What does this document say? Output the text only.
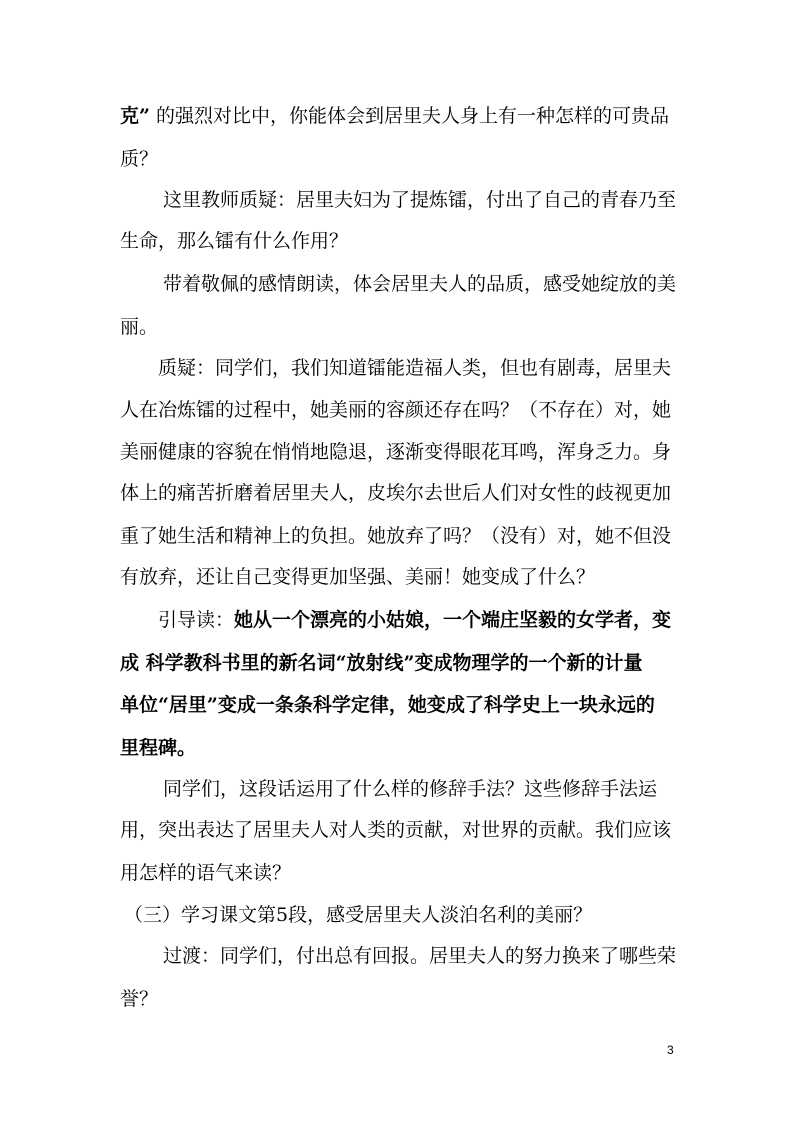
克” 的强烈对比中，你能体会到居里夫人身上有一种怎样的可贵品
质？
这里教师质疑：居里夫妇为了提炼镭，付出了自己的青春乃至
生命，那么镭有什么作用？
带着敬佩的感情朗读，体会居里夫人的品质，感受她绽放的美
丽。
质疑：同学们，我们知道镭能造福人类，但也有剧毒，居里夫
人在冶炼镭的过程中，她美丽的容颜还存在吗？（不存在）对，她
美丽健康的容貌在悄悄地隐退，逐渐变得眼花耳鸣，浑身乏力。身
体上的痛苦折磨着居里夫人，皮埃尔去世后人们对女性的歧视更加
重了她生活和精神上的负担。她放弃了吗？（没有）对，她不但没
有放弃，还让自己变得更加坚强、美丽！她变成了什么？
引导读：她从一个漂亮的小姑娘，一个端庄坚毅的女学者，变
成 科学教科书里的新名词“放射线”变成物理学的一个新的计量
单位“居里”变成一条条科学定律，她变成了科学史上一块永远的
里程碑。
同学们，这段话运用了什么样的修辞手法？这些修辞手法运
用，突出表达了居里夫人对人类的贡献，对世界的贡献。我们应该
用怎样的语气来读？
（三）学习课文第5段，感受居里夫人淡泊名利的美丽？
过渡：同学们，付出总有回报。居里夫人的努力换来了哪些荣
誉？
3
